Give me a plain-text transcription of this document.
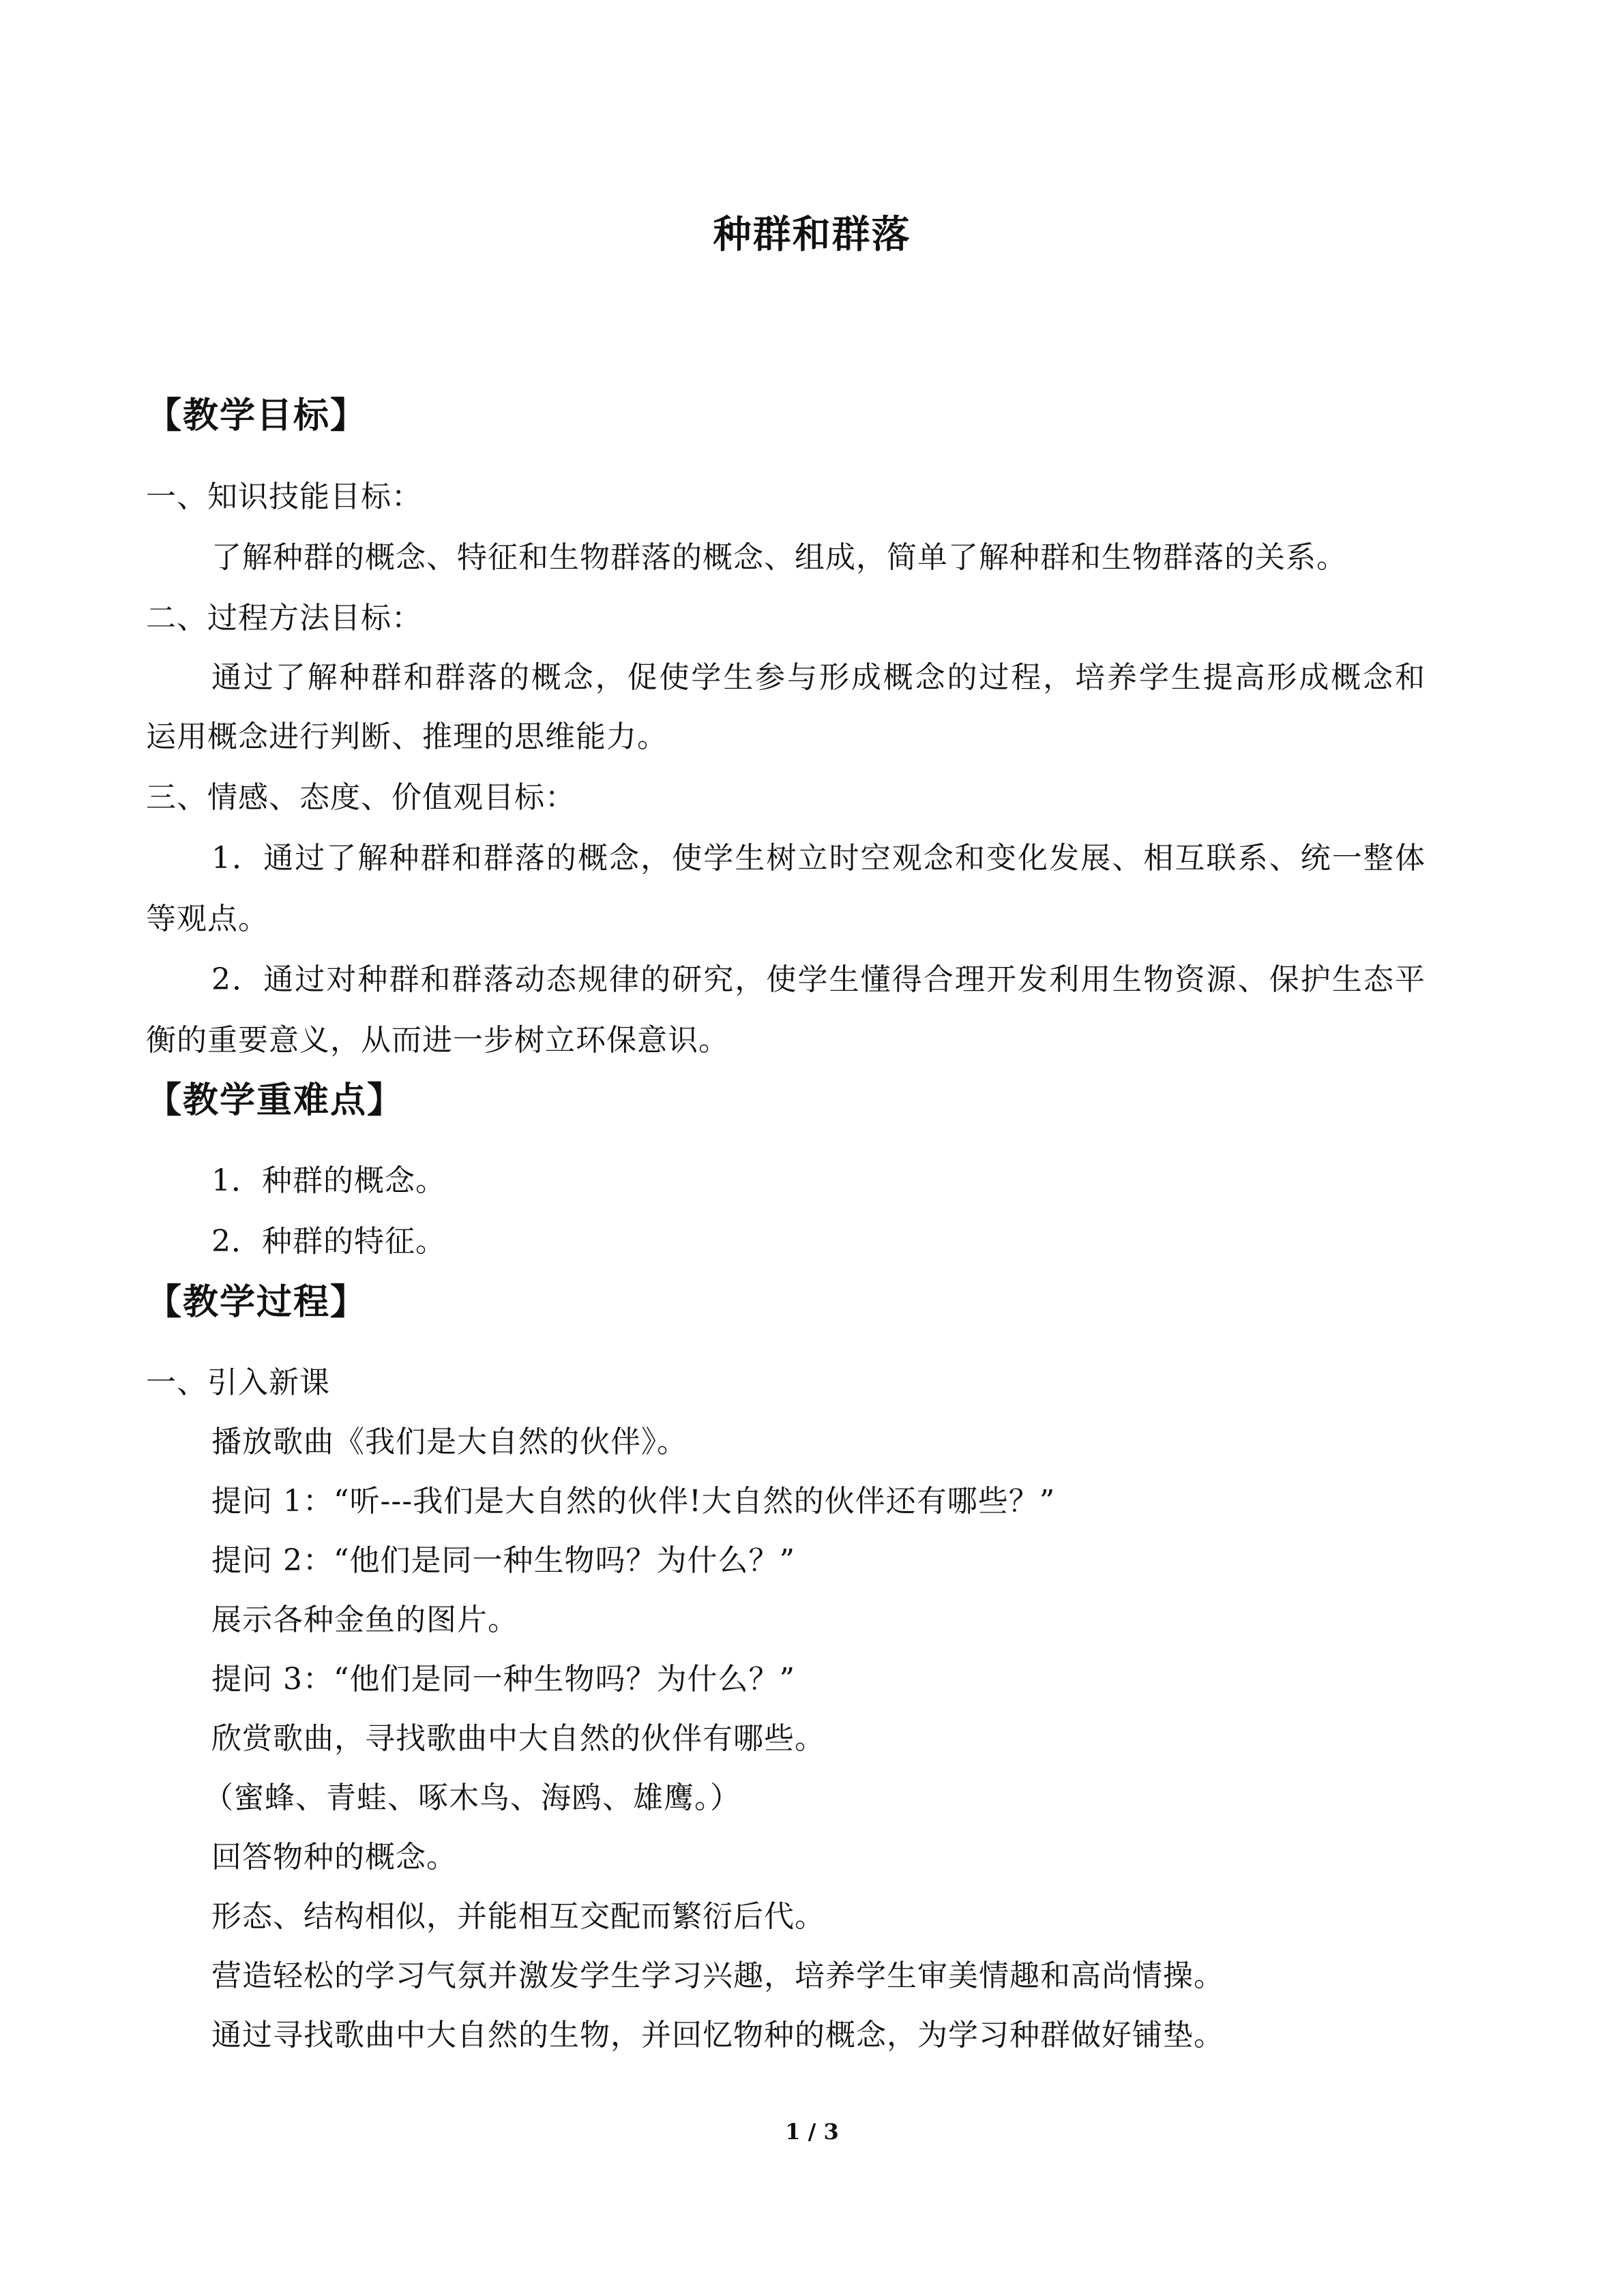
种群和群落
【教学目标】
一、知识技能目标：
了解种群的概念、特征和生物群落的概念、组成，简单了解种群和生物群落的关系。
二、过程方法目标：
通过了解种群和群落的概念，促使学生参与形成概念的过程，培养学生提高形成概念和
运用概念进行判断、推理的思维能力。
三、情感、态度、价值观目标：
1．通过了解种群和群落的概念，使学生树立时空观念和变化发展、相互联系、统一整体
等观点。
2．通过对种群和群落动态规律的研究，使学生懂得合理开发利用生物资源、保护生态平
衡的重要意义，从而进一步树立环保意识。
【教学重难点】
1．种群的概念。
2．种群的特征。
【教学过程】
一、引入新课
播放歌曲《我们是大自然的伙伴》。
提问 1：“听---我们是大自然的伙伴!大自然的伙伴还有哪些？”
提问 2：“他们是同一种生物吗？为什么？”
展示各种金鱼的图片。
提问 3：“他们是同一种生物吗？为什么？”
欣赏歌曲，寻找歌曲中大自然的伙伴有哪些。
（蜜蜂、青蛙、啄木鸟、海鸥、雄鹰。）
回答物种的概念。
形态、结构相似，并能相互交配而繁衍后代。
营造轻松的学习气氛并激发学生学习兴趣，培养学生审美情趣和高尚情操。
通过寻找歌曲中大自然的生物，并回忆物种的概念，为学习种群做好铺垫。
1 / 3
